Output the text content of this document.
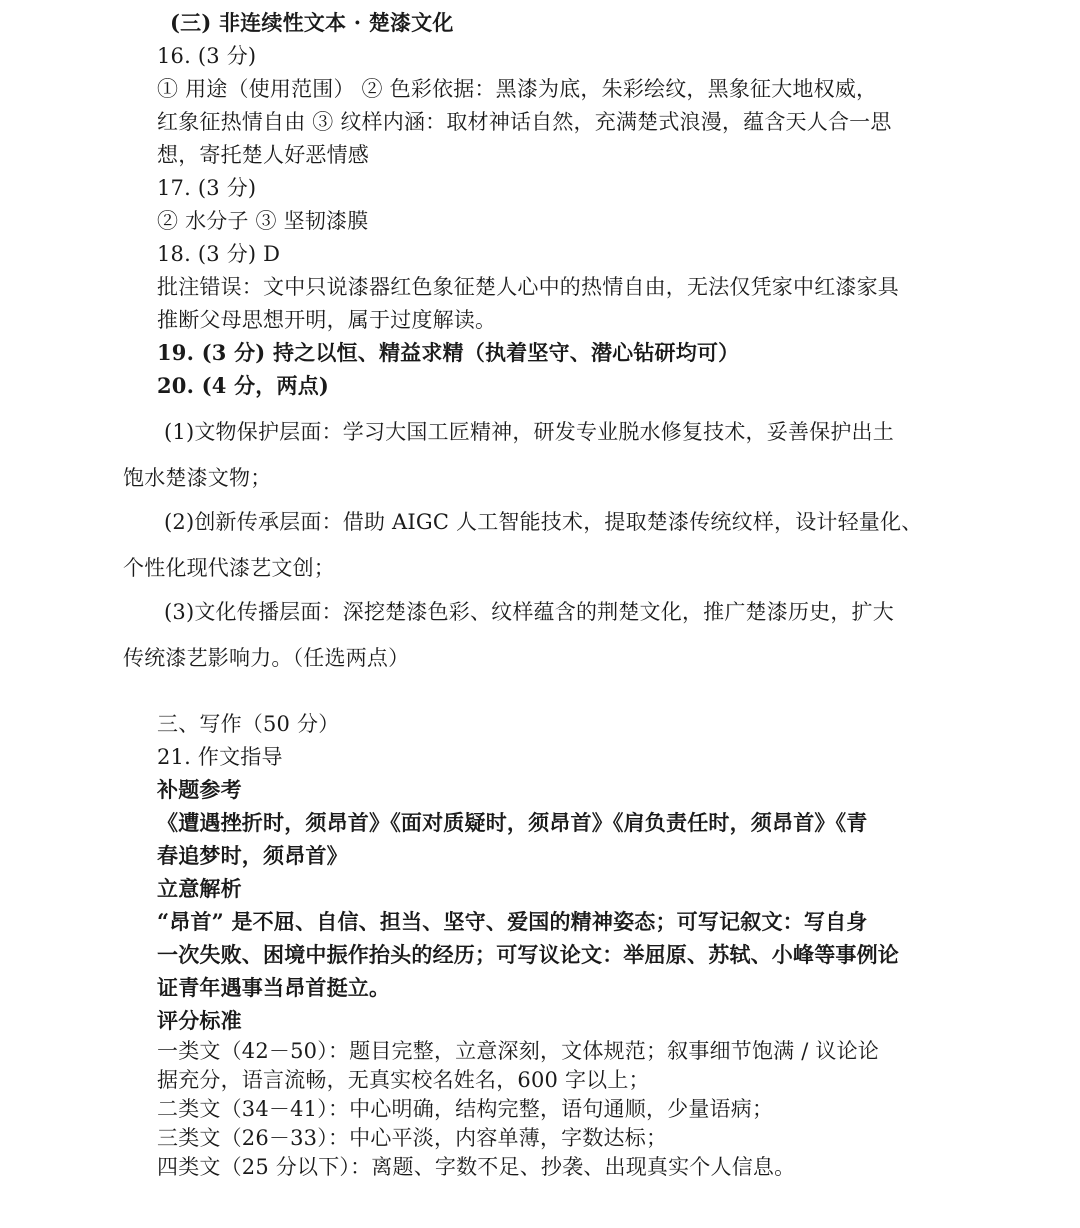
(三) 非连续性文本 · 楚漆文化
16. (3 分)
① 用途（使用范围） ② 色彩依据：黑漆为底，朱彩绘纹，黑象征大地权威，
红象征热情自由 ③ 纹样内涵：取材神话自然，充满楚式浪漫，蕴含天人合一思
想，寄托楚人好恶情感
17. (3 分)
② 水分子 ③ 坚韧漆膜
18. (3 分) D
批注错误：文中只说漆器红色象征楚人心中的热情自由，无法仅凭家中红漆家具
推断父母思想开明，属于过度解读。
19. (3 分) 持之以恒、精益求精（执着坚守、潜心钻研均可）
20. (4 分，两点)
(1)文物保护层面：学习大国工匠精神，研发专业脱水修复技术，妥善保护出土
饱水楚漆文物；
(2)创新传承层面：借助 AIGC 人工智能技术，提取楚漆传统纹样，设计轻量化、
个性化现代漆艺文创；
(3)文化传播层面：深挖楚漆色彩、纹样蕴含的荆楚文化，推广楚漆历史，扩大
传统漆艺影响力。（任选两点）
三、写作（50 分）
21. 作文指导
补题参考
《遭遇挫折时，须昂首》《面对质疑时，须昂首》《肩负责任时，须昂首》《青
春追梦时，须昂首》
立意解析
“昂首” 是不屈、自信、担当、坚守、爱国的精神姿态；可写记叙文：写自身
一次失败、困境中振作抬头的经历；可写议论文：举屈原、苏轼、小峰等事例论
证青年遇事当昂首挺立。
评分标准
一类文（42－50）：题目完整，立意深刻，文体规范；叙事细节饱满 / 议论论
据充分，语言流畅，无真实校名姓名，600 字以上；
二类文（34－41）：中心明确，结构完整，语句通顺，少量语病；
三类文（26－33）：中心平淡，内容单薄，字数达标；
四类文（25 分以下）：离题、字数不足、抄袭、出现真实个人信息。
